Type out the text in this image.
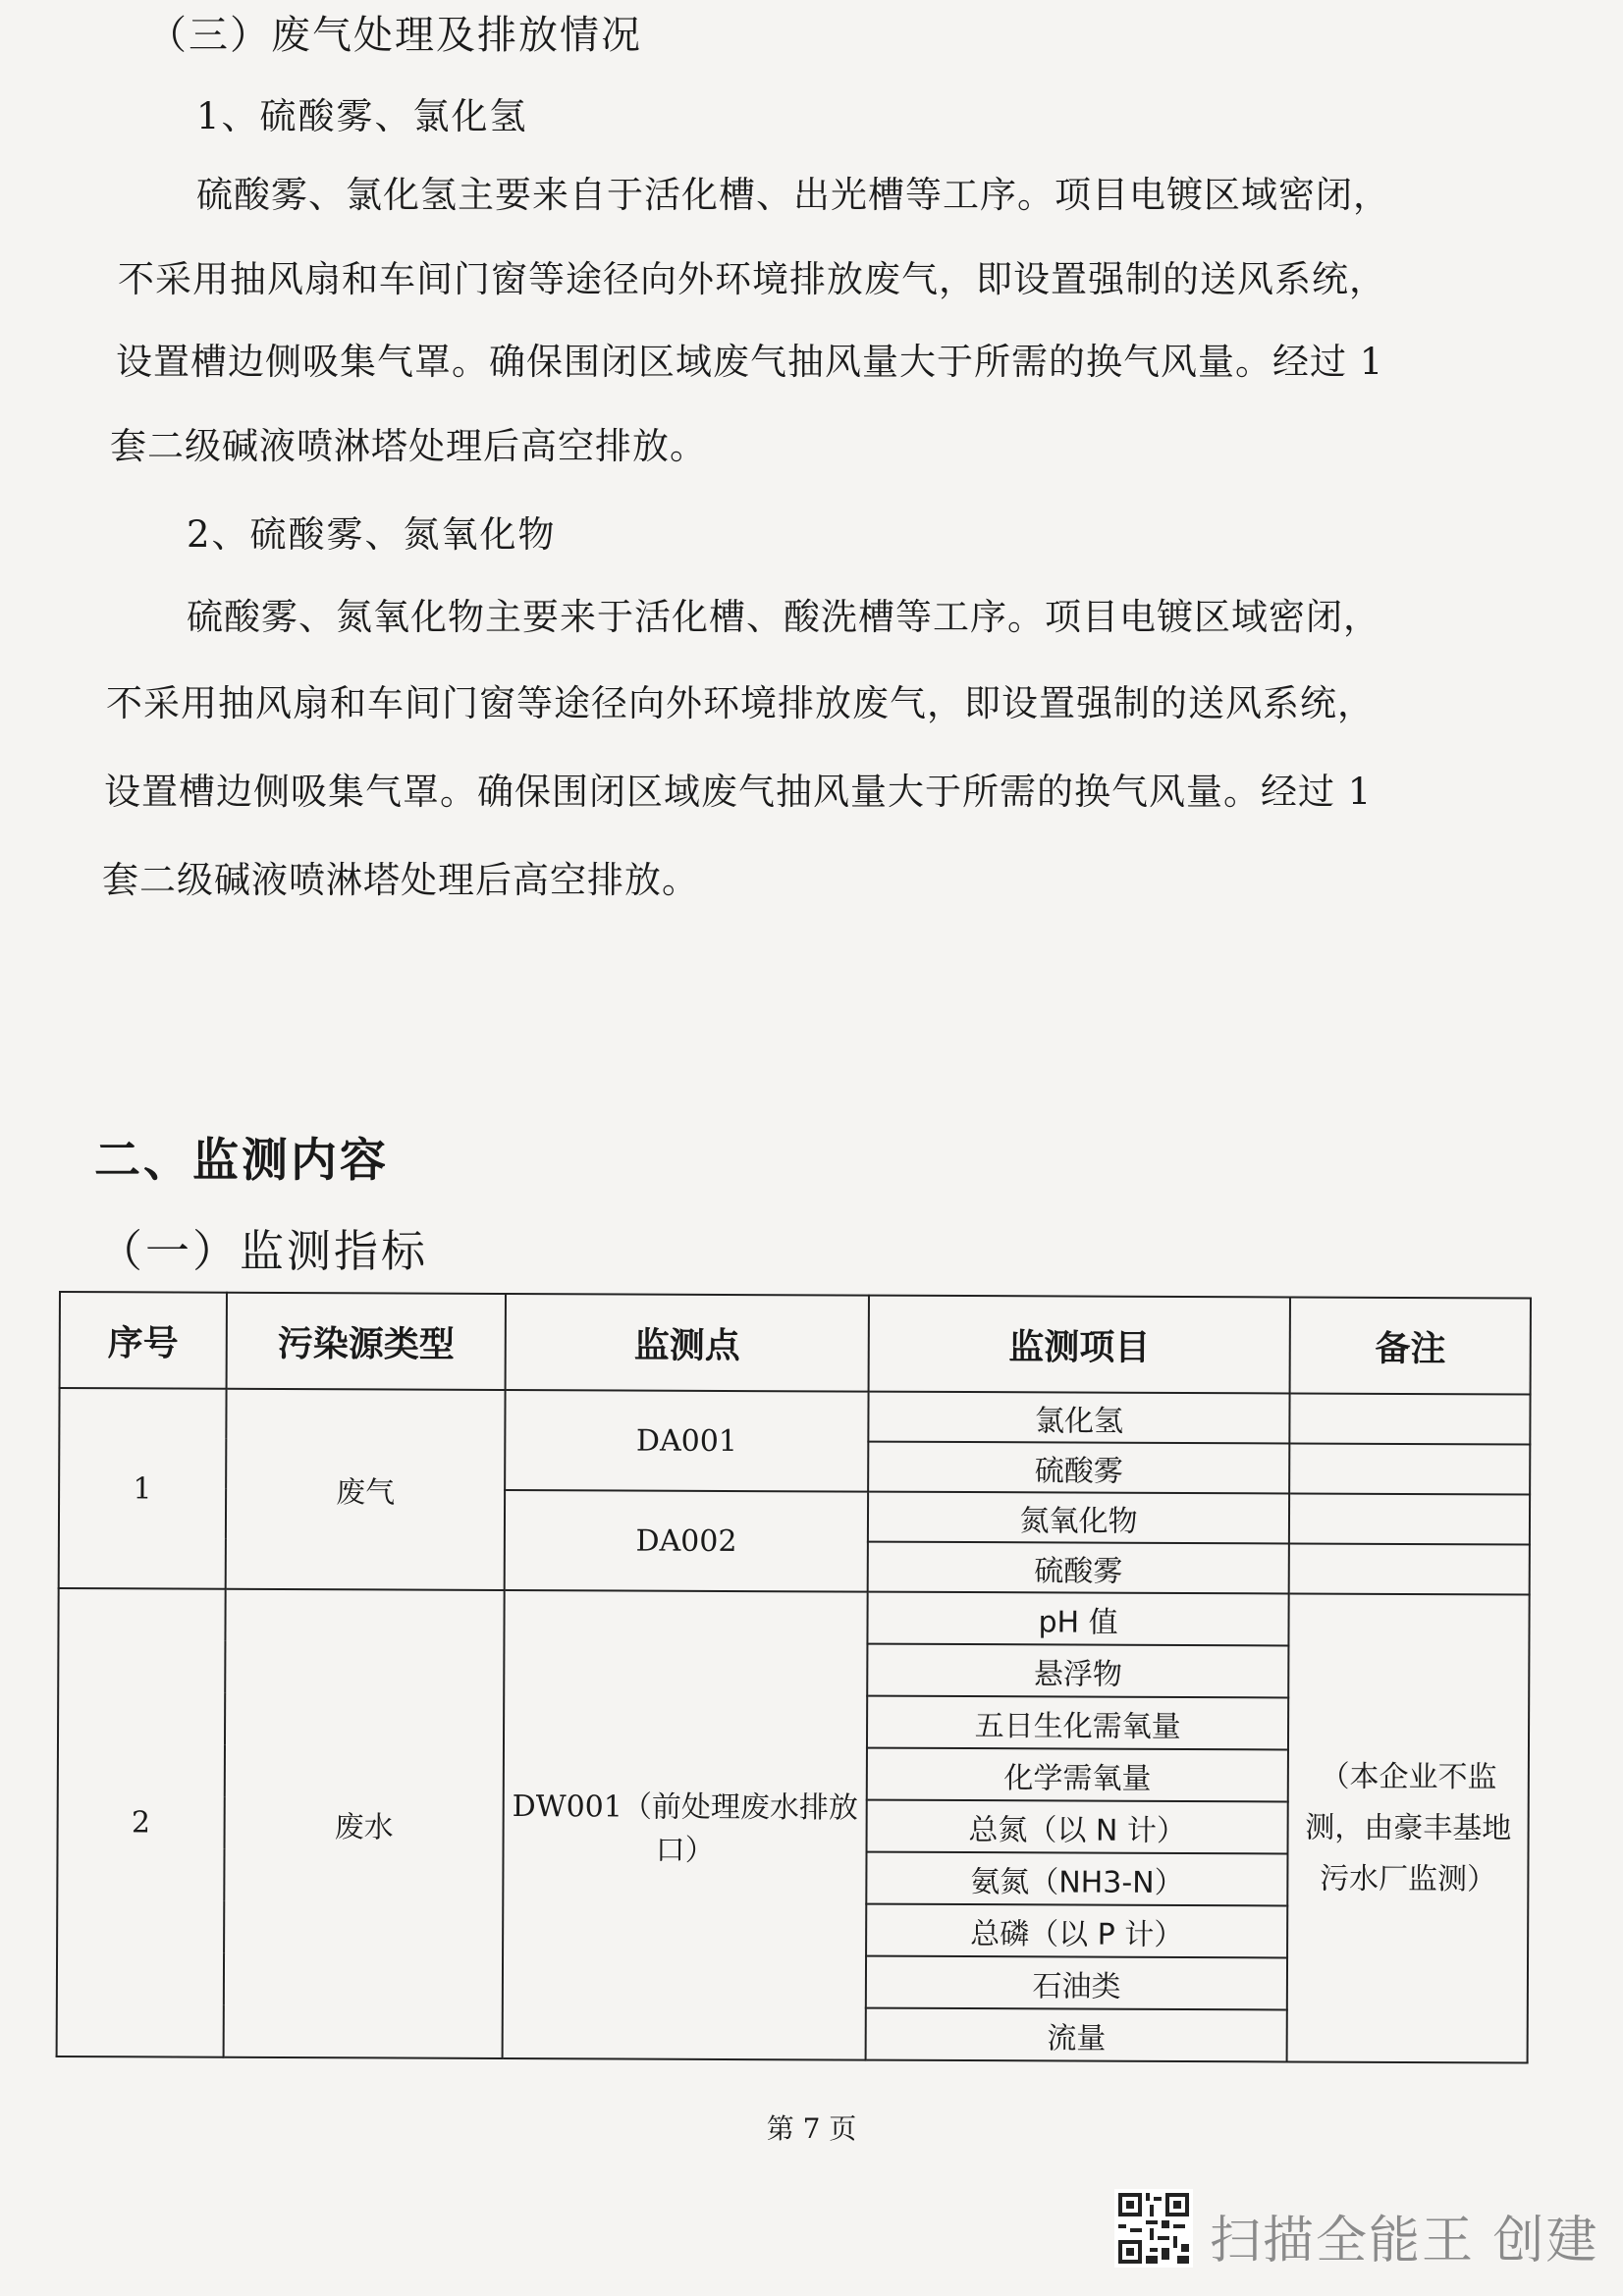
（三）废气处理及排放情况
1、硫酸雾、氯化氢
硫酸雾、氯化氢主要来自于活化槽、出光槽等工序。项目电镀区域密闭，
不采用抽风扇和车间门窗等途径向外环境排放废气，即设置强制的送风系统，
设置槽边侧吸集气罩。确保围闭区域废气抽风量大于所需的换气风量。经过 1
套二级碱液喷淋塔处理后高空排放。
2、硫酸雾、氮氧化物
硫酸雾、氮氧化物主要来于活化槽、酸洗槽等工序。项目电镀区域密闭，
不采用抽风扇和车间门窗等途径向外环境排放废气，即设置强制的送风系统，
设置槽边侧吸集气罩。确保围闭区域废气抽风量大于所需的换气风量。经过 1
套二级碱液喷淋塔处理后高空排放。
二、监测内容
（一）监测指标
序号	污染源类型	监测点	监测项目	备注
1	废气	DA001	氯化氢	
			硫酸雾	
		DA002	氮氧化物	
			硫酸雾	
2	废水	DW001（前处理废水排放口）	pH 值	（本企业不监测，由豪丰基地污水厂监测）
			悬浮物	
			五日生化需氧量	
			化学需氧量	
			总氮（以 N 计）	
			氨氮（NH3-N）	
			总磷（以 P 计）	
			石油类	
			流量	
第 7 页
扫描全能王 创建
